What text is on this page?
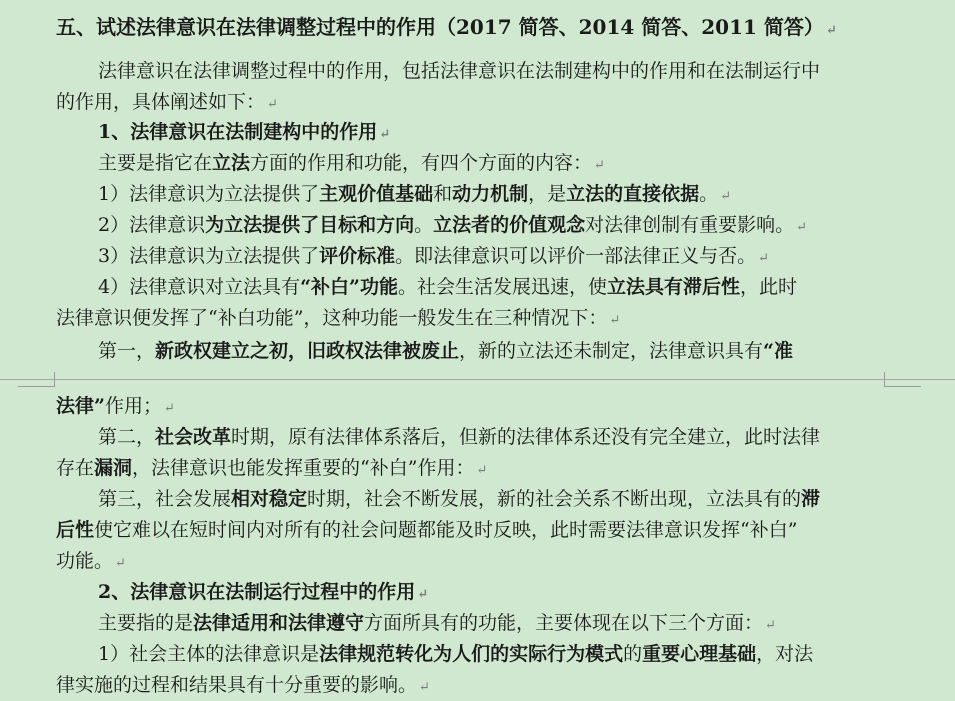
五、试述法律意识在法律调整过程中的作用（2017 简答、2014 简答、2011 简答） ↵
法律意识在法律调整过程中的作用，包括法律意识在法制建构中的作用和在法制运行中
的作用，具体阐述如下： ↵
1、法律意识在法制建构中的作用 ↵
主要是指它在立法方面的作用和功能，有四个方面的内容： ↵
1）法律意识为立法提供了主观价值基础和动力机制，是立法的直接依据。 ↵
2）法律意识为立法提供了目标和方向。立法者的价值观念对法律创制有重要影响。 ↵
3）法律意识为立法提供了评价标准。即法律意识可以评价一部法律正义与否。 ↵
4）法律意识对立法具有“补白”功能。社会生活发展迅速，使立法具有滞后性，此时
法律意识便发挥了“补白功能”，这种功能一般发生在三种情况下： ↵
第一，新政权建立之初，旧政权法律被废止，新的立法还未制定，法律意识具有“准
法律”作用； ↵
第二，社会改革时期，原有法律体系落后，但新的法律体系还没有完全建立，此时法律
存在漏洞，法律意识也能发挥重要的“补白”作用： ↵
第三，社会发展相对稳定时期，社会不断发展，新的社会关系不断出现，立法具有的滞
后性使它难以在短时间内对所有的社会问题都能及时反映，此时需要法律意识发挥“补白”
功能。 ↵
2、法律意识在法制运行过程中的作用 ↵
主要指的是法律适用和法律遵守方面所具有的功能，主要体现在以下三个方面： ↵
1）社会主体的法律意识是法律规范转化为人们的实际行为模式的重要心理基础，对法
律实施的过程和结果具有十分重要的影响。 ↵
